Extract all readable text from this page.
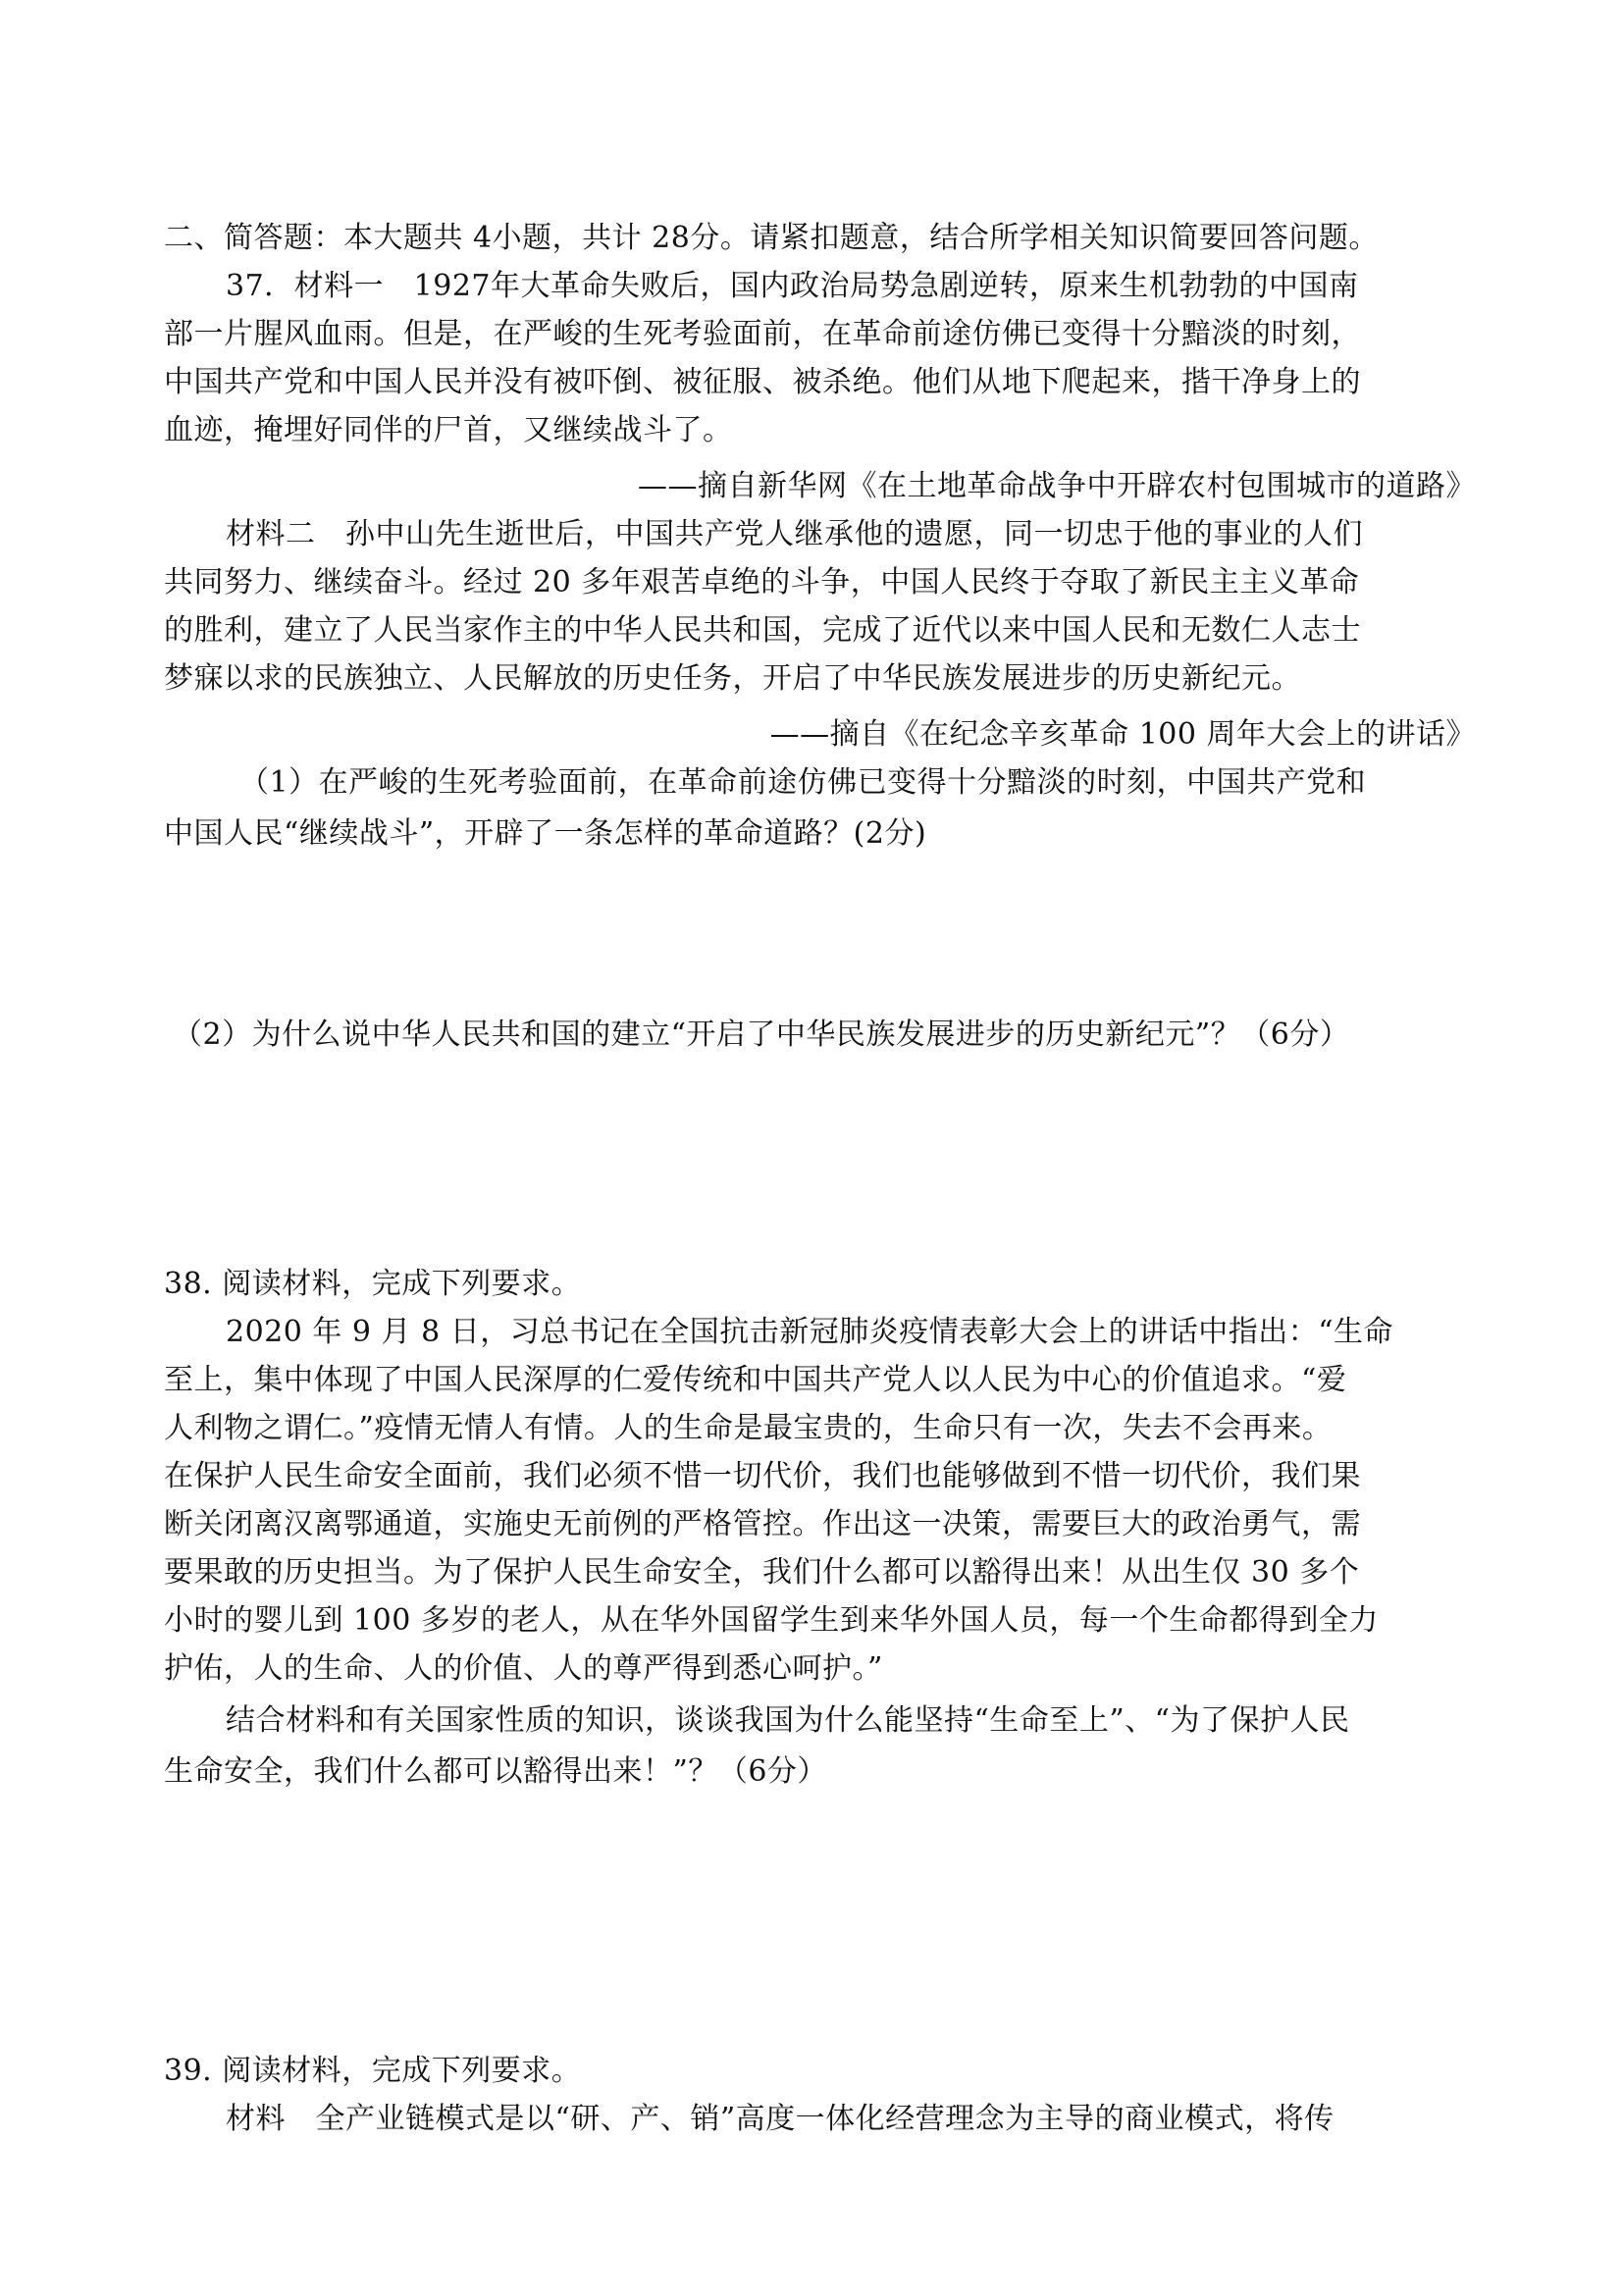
二、简答题：本大题共 4小题，共计 28分。请紧扣题意，结合所学相关知识简要回答问题。
37．材料一　1927年大革命失败后，国内政治局势急剧逆转，原来生机勃勃的中国南
部一片腥风血雨。但是，在严峻的生死考验面前，在革命前途仿佛已变得十分黯淡的时刻，
中国共产党和中国人民并没有被吓倒、被征服、被杀绝。他们从地下爬起来，揩干净身上的
血迹，掩埋好同伴的尸首，又继续战斗了。
——摘自新华网《在土地革命战争中开辟农村包围城市的道路》
材料二　孙中山先生逝世后，中国共产党人继承他的遗愿，同一切忠于他的事业的人们
共同努力、继续奋斗。经过 20 多年艰苦卓绝的斗争，中国人民终于夺取了新民主主义革命
的胜利，建立了人民当家作主的中华人民共和国，完成了近代以来中国人民和无数仁人志士
梦寐以求的民族独立、人民解放的历史任务，开启了中华民族发展进步的历史新纪元。
——摘自《在纪念辛亥革命 100 周年大会上的讲话》
（1）在严峻的生死考验面前，在革命前途仿佛已变得十分黯淡的时刻，中国共产党和
中国人民“继续战斗”，开辟了一条怎样的革命道路？(2分)
（2）为什么说中华人民共和国的建立“开启了中华民族发展进步的历史新纪元”？（6分）
38. 阅读材料，完成下列要求。
2020 年 9 月 8 日，习总书记在全国抗击新冠肺炎疫情表彰大会上的讲话中指出：“生命
至上，集中体现了中国人民深厚的仁爱传统和中国共产党人以人民为中心的价值追求。“爱
人利物之谓仁。”疫情无情人有情。人的生命是最宝贵的，生命只有一次，失去不会再来。
在保护人民生命安全面前，我们必须不惜一切代价，我们也能够做到不惜一切代价，我们果
断关闭离汉离鄂通道，实施史无前例的严格管控。作出这一决策，需要巨大的政治勇气，需
要果敢的历史担当。为了保护人民生命安全，我们什么都可以豁得出来！从出生仅 30 多个
小时的婴儿到 100 多岁的老人，从在华外国留学生到来华外国人员，每一个生命都得到全力
护佑，人的生命、人的价值、人的尊严得到悉心呵护。”
结合材料和有关国家性质的知识，谈谈我国为什么能坚持“生命至上”、“为了保护人民
生命安全，我们什么都可以豁得出来！”？（6分）
39. 阅读材料，完成下列要求。
材料　全产业链模式是以“研、产、销”高度一体化经营理念为主导的商业模式，将传
